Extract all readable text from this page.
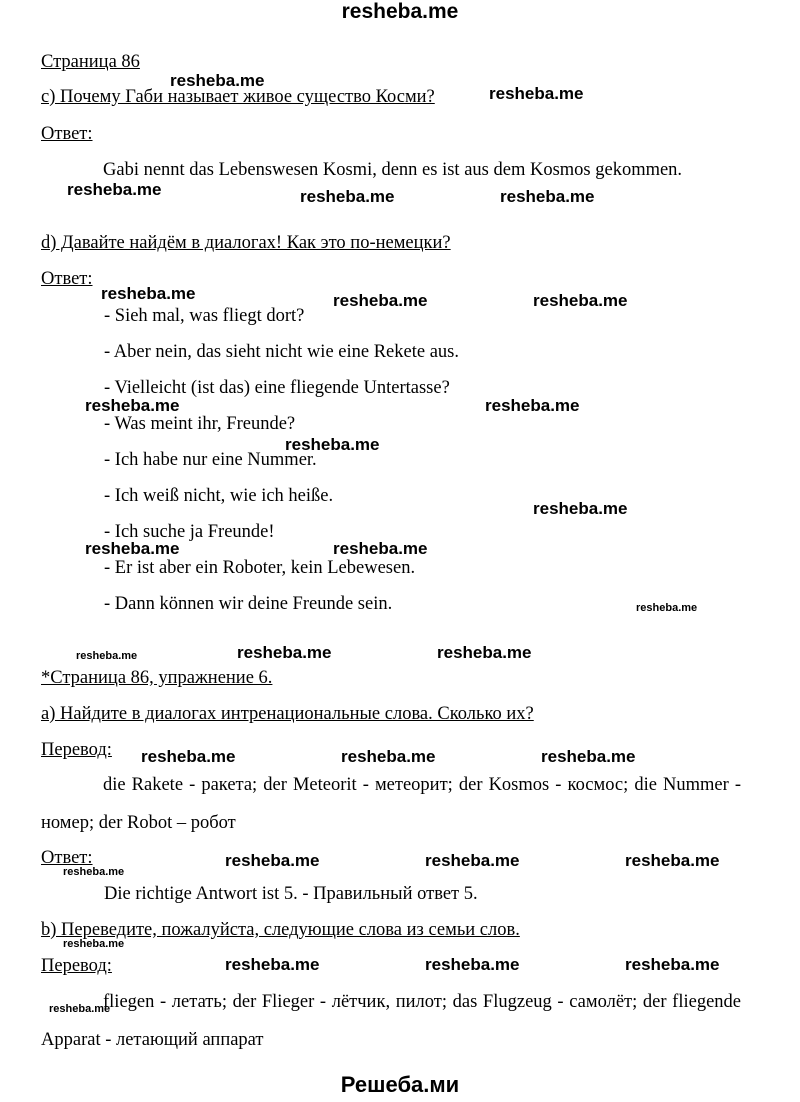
resheba.me
Страница 86
с) Почему Габи называет живое существо Косми?
Ответ:
Gabi nennt das Lebenswesen Kosmi, denn es ist aus dem Kosmos gekommen.
d) Давайте найдём в диалогах! Как это по-немецки?
Ответ:
- Sieh mal, was fliegt dort?
- Aber nein, das sieht nicht wie eine Rekete aus.
- Vielleicht (ist das) eine fliegende Untertasse?
- Was meint ihr, Freunde?
- Ich habe nur eine Nummer.
- Ich weiß nicht, wie ich heiße.
- Ich suche ja Freunde!
- Er ist aber ein Roboter, kein Lebewesen.
- Dann können wir deine Freunde sein.
*Страница 86, упражнение 6.
а) Найдите в диалогах интренациональные слова. Сколько их?
Перевод:
die Rakete - ракета; der Meteorit - метеорит; der Kosmos - космос; die Nummer - номер; der Robot – робот
Ответ:
Die richtige Antwort ist 5. - Правильный ответ 5.
b) Переведите, пожалуйста, следующие слова из семьи слов.
Перевод:
fliegen - летать; der Flieger - лётчик, пилот; das Flugzeug - самолёт; der fliegende Apparat - летающий аппарат
Решеба.ми
resheba.me
resheba.me
resheba.me	resheba.me	resheba.me
resheba.me	resheba.me	resheba.me
resheba.me	resheba.me
resheba.me
resheba.me
resheba.me	resheba.me
resheba.me
resheba.me	resheba.me	resheba.me
resheba.me	resheba.me	resheba.me
resheba.me	resheba.me	resheba.me
resheba.me
resheba.me
resheba.me	resheba.me	resheba.me
resheba.me
